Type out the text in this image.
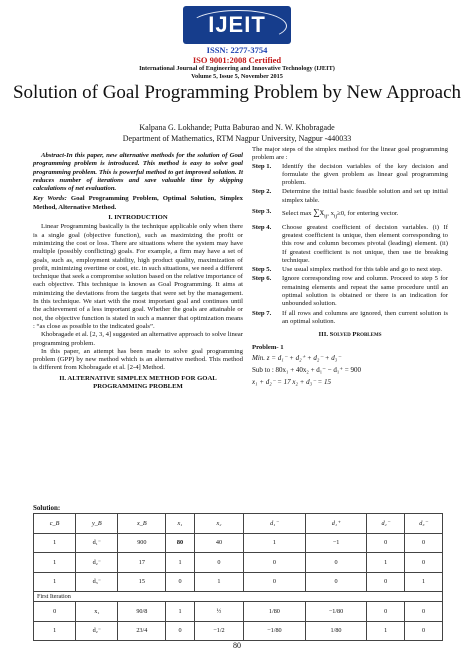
IJEIT
ISSN: 2277-3754
ISO 9001:2008 Certified
International Journal of Engineering and Innovative Technology (IJEIT)
Volume 5, Issue 5, November 2015
Solution of Goal Programming Problem by New Approach
Kalpana G. Lokhande; Putta Baburao and N. W. Khobragade
Department of Mathematics, RTM Nagpur University, Nagpur -440033
Abstract-In this paper, new alternative methods for the solution of Goal programming problem is introduced. This method is easy to solve goal programming problem. This is powerful method to get improved solution. It reduces number of iterations and save valuable time by skipping calculations of net evaluation.
Key Words: Goal Programming Problem, Optimal Solution, Simplex Method, Alternative Method.
I. INTRODUCTION
Linear Programming basically is the technique applicable only when there is a single goal (objective function), such as maximizing the profit or minimizing the cost or loss. There are situations where the system may have multiple (possibly conflicting) goals. For example, a firm may have a set of goals, such as, employment stability, high product quality, maximization of profit, minimizing overtime or cost, etc. in such situations, we need a different technique that seek a compromise solution based on the relative importance of each objective. This technique is known as Goal Programming. It aims at minimizing the deviations from the targets that were set by the management. In this technique. We start with the most important goal and continues until the achievement of a less important goal. Whether the goals are attainable or not, the objective function is stated in such a manner that optimization means : “as close as possible to the indicated goals”.
Khobragade et al. [2, 3, 4] suggested an alternative approach to solve linear programming problem.
In this paper, an attempt has been made to solve goal programming problem (GPP) by new method which is an alternative method. This method is different from Khobragade et al. [2-4] Method.
II. ALTERNATIVE SIMPLEX METHOD FOR GOAL PROGRAMMING PROBLEM
The major steps of the simplex method for the linear goal programming problem are :
Step 1.	Identify the decision variables of the key decision and formulate the given problem as linear goal programming problem.
Step 2.	Determine the initial basic feasible solution and set up initial simplex table.
Step 3.	Select $\max \sum x_{ij}$, $x_{ij}\ge 0$, for entering vector.
Step 4.	Choose greatest coefficient of decision variables. (i) If greatest coefficient is unique, then element corresponding to this row and column becomes pivotal (leading) element. (ii) If greatest coefficient is not unique, then use tie breaking technique.
Step 5.	Use usual simplex method for this table and go to next step.
Step 6.	Ignore corresponding row and column. Proceed to step 5 for remaining elements and repeat the same procedure until an optimal solution is obtained or there is an indication for unbounded solution.
Step 7.	If all rows and columns are ignored, then current solution is an optimal solution.
III. Solved Problems
Problem- 1
Min. z = d₁⁻ + d₂⁺ + d₂⁻ + d₃⁻
Sub to : 80x₁ + 40x₂ + d₁⁻ − d₁⁺ = 900
x₁ + d₂⁻ = 17 x₂ + d₃⁻ = 15
Solution:
c_B	y_B	x_B	x₁	x₂	d₁⁻	d₁⁺	d₂⁻	d₃⁻
1	d₁⁻	900	80	40	1	−1	0	0
1	d₂⁻	17	1	0	0	0	1	0
1	d₃⁻	15	0	1	0	0	0	1
First Iteration								
0	x₁	90/8	1	½	1/80	−1/80	0	0
1	d₂⁻	23/4	0	−1/2	−1/80	1/80	1	0
80
